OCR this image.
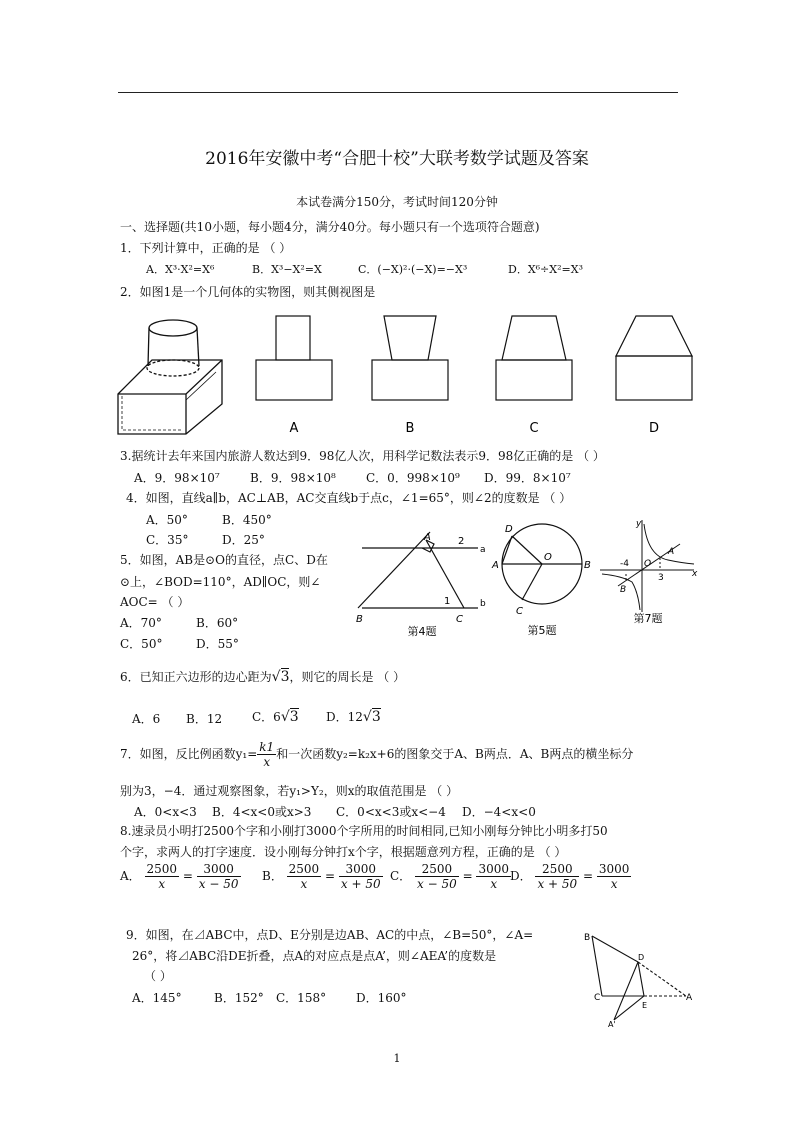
2016年安徽中考“合肥十校”大联考数学试题及答案
本试卷满分150分，考试时间120分钟
一、选择题(共10小题，每小题4分，满分40分。每小题只有一个选项符合题意)
1．下列计算中，正确的是 （ ）
A．X³·X²=X⁶	B．X³−X²=X	C．(−X)²·(−X)=−X³	D．X⁶÷X²=X³
2．如图1是一个几何体的实物图，则其侧视图是
A	B	C	D
3.据统计去年来国内旅游人数达到9．98亿人次，用科学记数法表示9．98亿正确的是 （ ）
A．9．98×10⁷	B．9．98×10⁸	C．0．998×10⁹ D．99．8×10⁷
4．如图，直线a∥b，AC⊥AB，AC交直线b于点c，∠1=65°，则∠2的度数是 （ ）
A．50°	B．450°
C．35°	D．25°
5．如图，AB是⊙O的直径，点C、D在
⊙上，∠BOD=110°，AD∥OC，则∠
AOC= （ ）
A．70°	B．60°
C．50°	D．55°
A	2
a
b
1
B	C
第4题
D
A
O
B
C
第5题
y
x
A
B
-4 O
3
第7题
6．已知正六边形的边心距为√3，则它的周长是 （ ）
A．6 B．12 C．6√3 D．12√3
7．如图，反比例函数$y_1= \frac{k1}{x}$ 和一次函数y₂=k₂x+6的图象交于A、B两点．A、B两点的横坐标分
别为3，−4．通过观察图象，若y₁>Y₂，则x的取值范围是 （ ）
A．0<x<3 B．4<x<0或x>3 C．0<x<3或x<−4 D．−4<x<0
8.速录员小明打2500个字和小刚打3000个字所用的时间相同,已知小刚每分钟比小明多打50
个字，求两人的打字速度．设小刚每分钟打x个字，根据题意列方程，正确的是 （ ）
A． $\frac{2500}{x} = \frac{3000}{x - 50}$ B． $\frac{2500}{x} = \frac{3000}{x + 50}$ C． $\frac{2500}{x - 50} = \frac{3000}{x}$
D． $\frac{2500}{x + 50} = \frac{3000}{x}$
9．如图，在⊿ABC中，点D、E分别是边AB、AC的中点，∠B=50°，∠A=
26°，将⊿ABC沿DE折叠，点A的对应点是点A’，则∠AEA’的度数是
（ ）
A．145°	B．152° C．158° D．160°
B
C
D
E
A
A'
1
